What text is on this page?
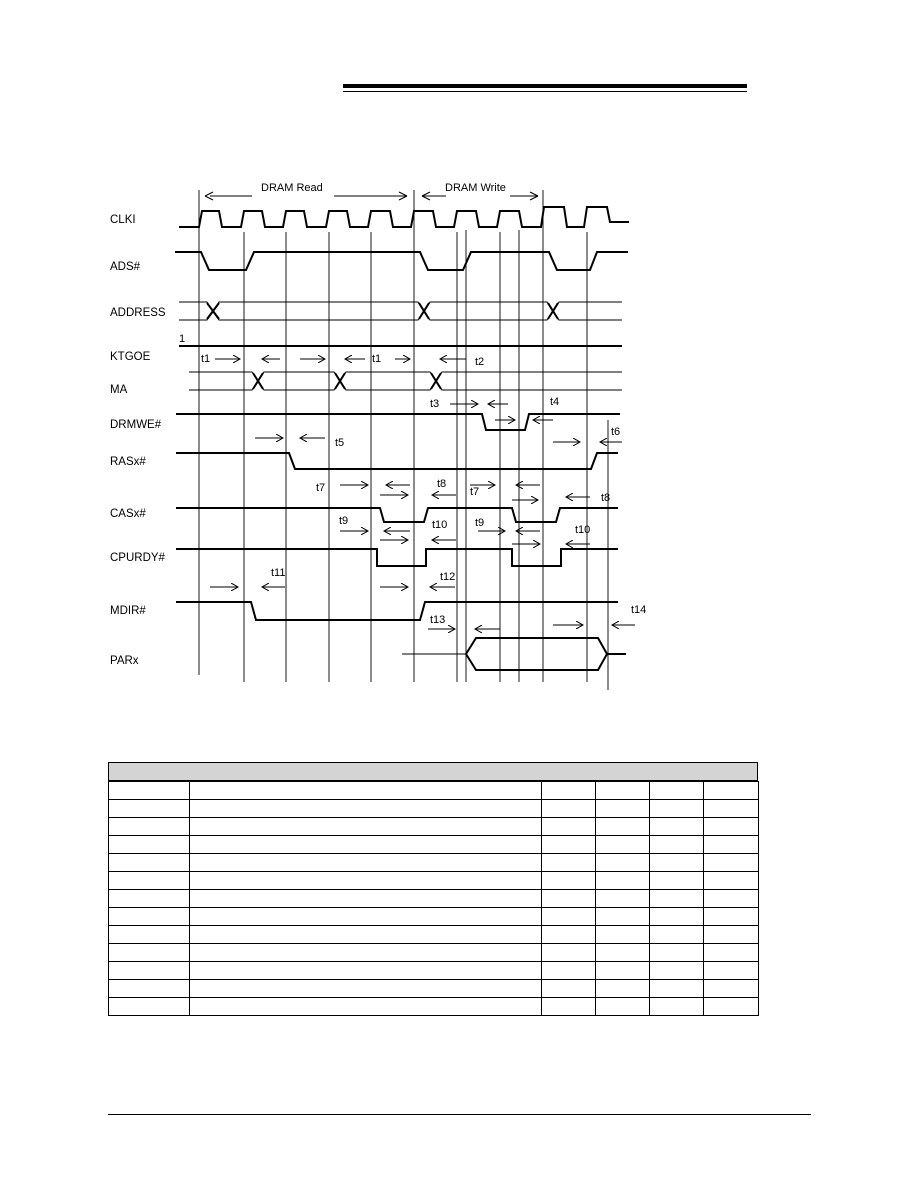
DRAM Read	DRAM Write
CLKI
ADS#
ADDRESS
KTGOE
MA
DRMWE#
RASx#
CASx#
CPURDY#
MDIR#
PARx
1
t1	t1	t2
t3	t4
t5
t6
t7	t8
t7	t8
t9	t10	t9
t10
t11	t12
t13
t14
